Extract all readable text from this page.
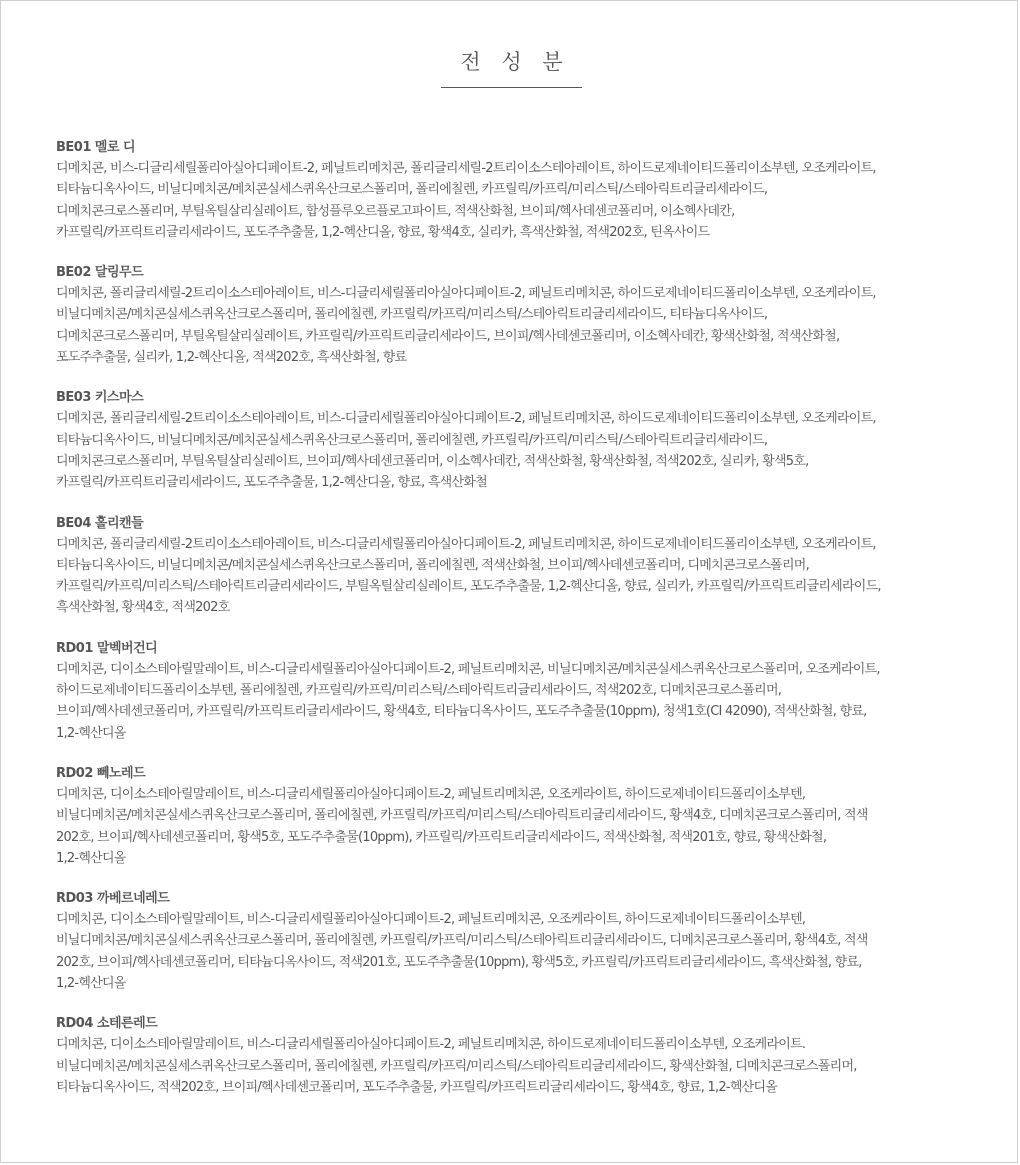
전 성 분
BE01 멜로 디
디메치콘, 비스-디글리세릴폴리아실아디페이트-2, 페닐트리메치콘, 폴리글리세릴-2트리이소스테아레이트, 하이드로제네이티드폴리이소부텐, 오조케라이트,
티타늄디옥사이드, 비닐디메치콘/메치콘실세스퀴옥산크로스폴리머, 폴리에칠렌, 카프릴릭/카프릭/미리스틱/스테아릭트리글리세라이드,
디메치콘크로스폴리머, 부틸옥틸살리실레이트, 합성플루오르플로고파이트, 적색산화철, 브이피/헥사데센코폴리머, 이소헥사데칸,
카프릴릭/카프릭트리글리세라이드, 포도주추출물, 1,2-헥산디올, 향료, 황색4호, 실리카, 흑색산화철, 적색202호, 틴옥사이드
BE02 달링무드
디메치콘, 폴리글리세릴-2트리이소스테아레이트, 비스-디글리세릴폴리아실아디페이트-2, 페닐트리메치콘, 하이드로제네이티드폴리이소부텐, 오조케라이트,
비닐디메치콘/메치콘실세스퀴옥산크로스폴리머, 폴리에칠렌, 카프릴릭/카프릭/미리스틱/스테아릭트리글리세라이드, 티타늄디옥사이드,
디메치콘크로스폴리머, 부틸옥틸살리실레이트, 카프릴릭/카프릭트리글리세라이드, 브이피/헥사데센코폴리머, 이소헥사데칸, 황색산화철, 적색산화철,
포도주추출물, 실리카, 1,2-헥산디올, 적색202호, 흑색산화철, 향료
BE03 키스마스
디메치콘, 폴리글리세릴-2트리이소스테아레이트, 비스-디글리세릴폴리아실아디페이트-2, 페닐트리메치콘, 하이드로제네이티드폴리이소부텐, 오조케라이트,
티타늄디옥사이드, 비닐디메치콘/메치콘실세스퀴옥산크로스폴리머, 폴리에칠렌, 카프릴릭/카프릭/미리스틱/스테아릭트리글리세라이드,
디메치콘크로스폴리머, 부틸옥틸살리실레이트, 브이피/헥사데센코폴리머, 이소헥사데칸, 적색산화철, 황색산화철, 적색202호, 실리카, 황색5호,
카프릴릭/카프릭트리글리세라이드, 포도주추출물, 1,2-헥산디올, 향료, 흑색산화철
BE04 홀리캔들
디메치콘, 폴리글리세릴-2트리이소스테아레이트, 비스-디글리세릴폴리아실아디페이트-2, 페닐트리메치콘, 하이드로제네이티드폴리이소부텐, 오조케라이트,
티타늄디옥사이드, 비닐디메치콘/메치콘실세스퀴옥산크로스폴리머, 폴리에칠렌, 적색산화철, 브이피/헥사데센코폴리머, 디메치콘크로스폴리머,
카프릴릭/카프릭/미리스틱/스테아릭트리글리세라이드, 부틸옥틸살리실레이트, 포도주추출물, 1,2-헥산디올, 향료, 실리카, 카프릴릭/카프릭트리글리세라이드,
흑색산화철, 황색4호, 적색202호
RD01 말벡버건디
디메치콘, 디이소스테아릴말레이트, 비스-디글리세릴폴리아실아디페이트-2, 페닐트리메치콘, 비닐디메치콘/메치콘실세스퀴옥산크로스폴리머, 오조케라이트,
하이드로제네이티드폴리이소부텐, 폴리에칠렌, 카프릴릭/카프릭/미리스틱/스테아릭트리글리세라이드, 적색202호, 디메치콘크로스폴리머,
브이피/헥사데센코폴리머, 카프릴릭/카프릭트리글리세라이드, 황색4호, 티타늄디옥사이드, 포도주추출물(10ppm), 청색1호(CI 42090), 적색산화철, 향료,
1,2-헥산디올
RD02 뻬노레드
디메치콘, 디이소스테아릴말레이트, 비스-디글리세릴폴리아실아디페이트-2, 페닐트리메치콘, 오조케라이트, 하이드로제네이티드폴리이소부텐,
비닐디메치콘/메치콘실세스퀴옥산크로스폴리머, 폴리에칠렌, 카프릴릭/카프릭/미리스틱/스테아릭트리글리세라이드, 황색4호, 디메치콘크로스폴리머, 적색
202호, 브이피/헥사데센코폴리머, 황색5호, 포도주추출물(10ppm), 카프릴릭/카프릭트리글리세라이드, 적색산화철, 적색201호, 향료, 황색산화철,
1,2-헥산디올
RD03 까베르네레드
디메치콘, 디이소스테아릴말레이트, 비스-디글리세릴폴리아실아디페이트-2, 페닐트리메치콘, 오조케라이트, 하이드로제네이티드폴리이소부텐,
비닐디메치콘/메치콘실세스퀴옥산크로스폴리머, 폴리에칠렌, 카프릴릭/카프릭/미리스틱/스테아릭트리글리세라이드, 디메치콘크로스폴리머, 황색4호, 적색
202호, 브이피/헥사데센코폴리머, 티타늄디옥사이드, 적색201호, 포도주추출물(10ppm), 황색5호, 카프릴릭/카프릭트리글리세라이드, 흑색산화철, 향료,
1,2-헥산디올
RD04 소테른레드
디메치콘, 디이소스테아릴말레이트, 비스-디글리세릴폴리아실아디페이트-2, 페닐트리메치콘, 하이드로제네이티드폴리이소부텐, 오조케라이트.
비닐디메치콘/메치콘실세스퀴옥산크로스폴리머, 폴리에칠렌, 카프릴릭/카프릭/미리스틱/스테아릭트리글리세라이드, 황색산화철, 디메치콘크로스폴리머,
티타늄디옥사이드, 적색202호, 브이피/헥사데센코폴리머, 포도주추출물, 카프릴릭/카프릭트리글리세라이드, 황색4호, 향료, 1,2-헥산디올
